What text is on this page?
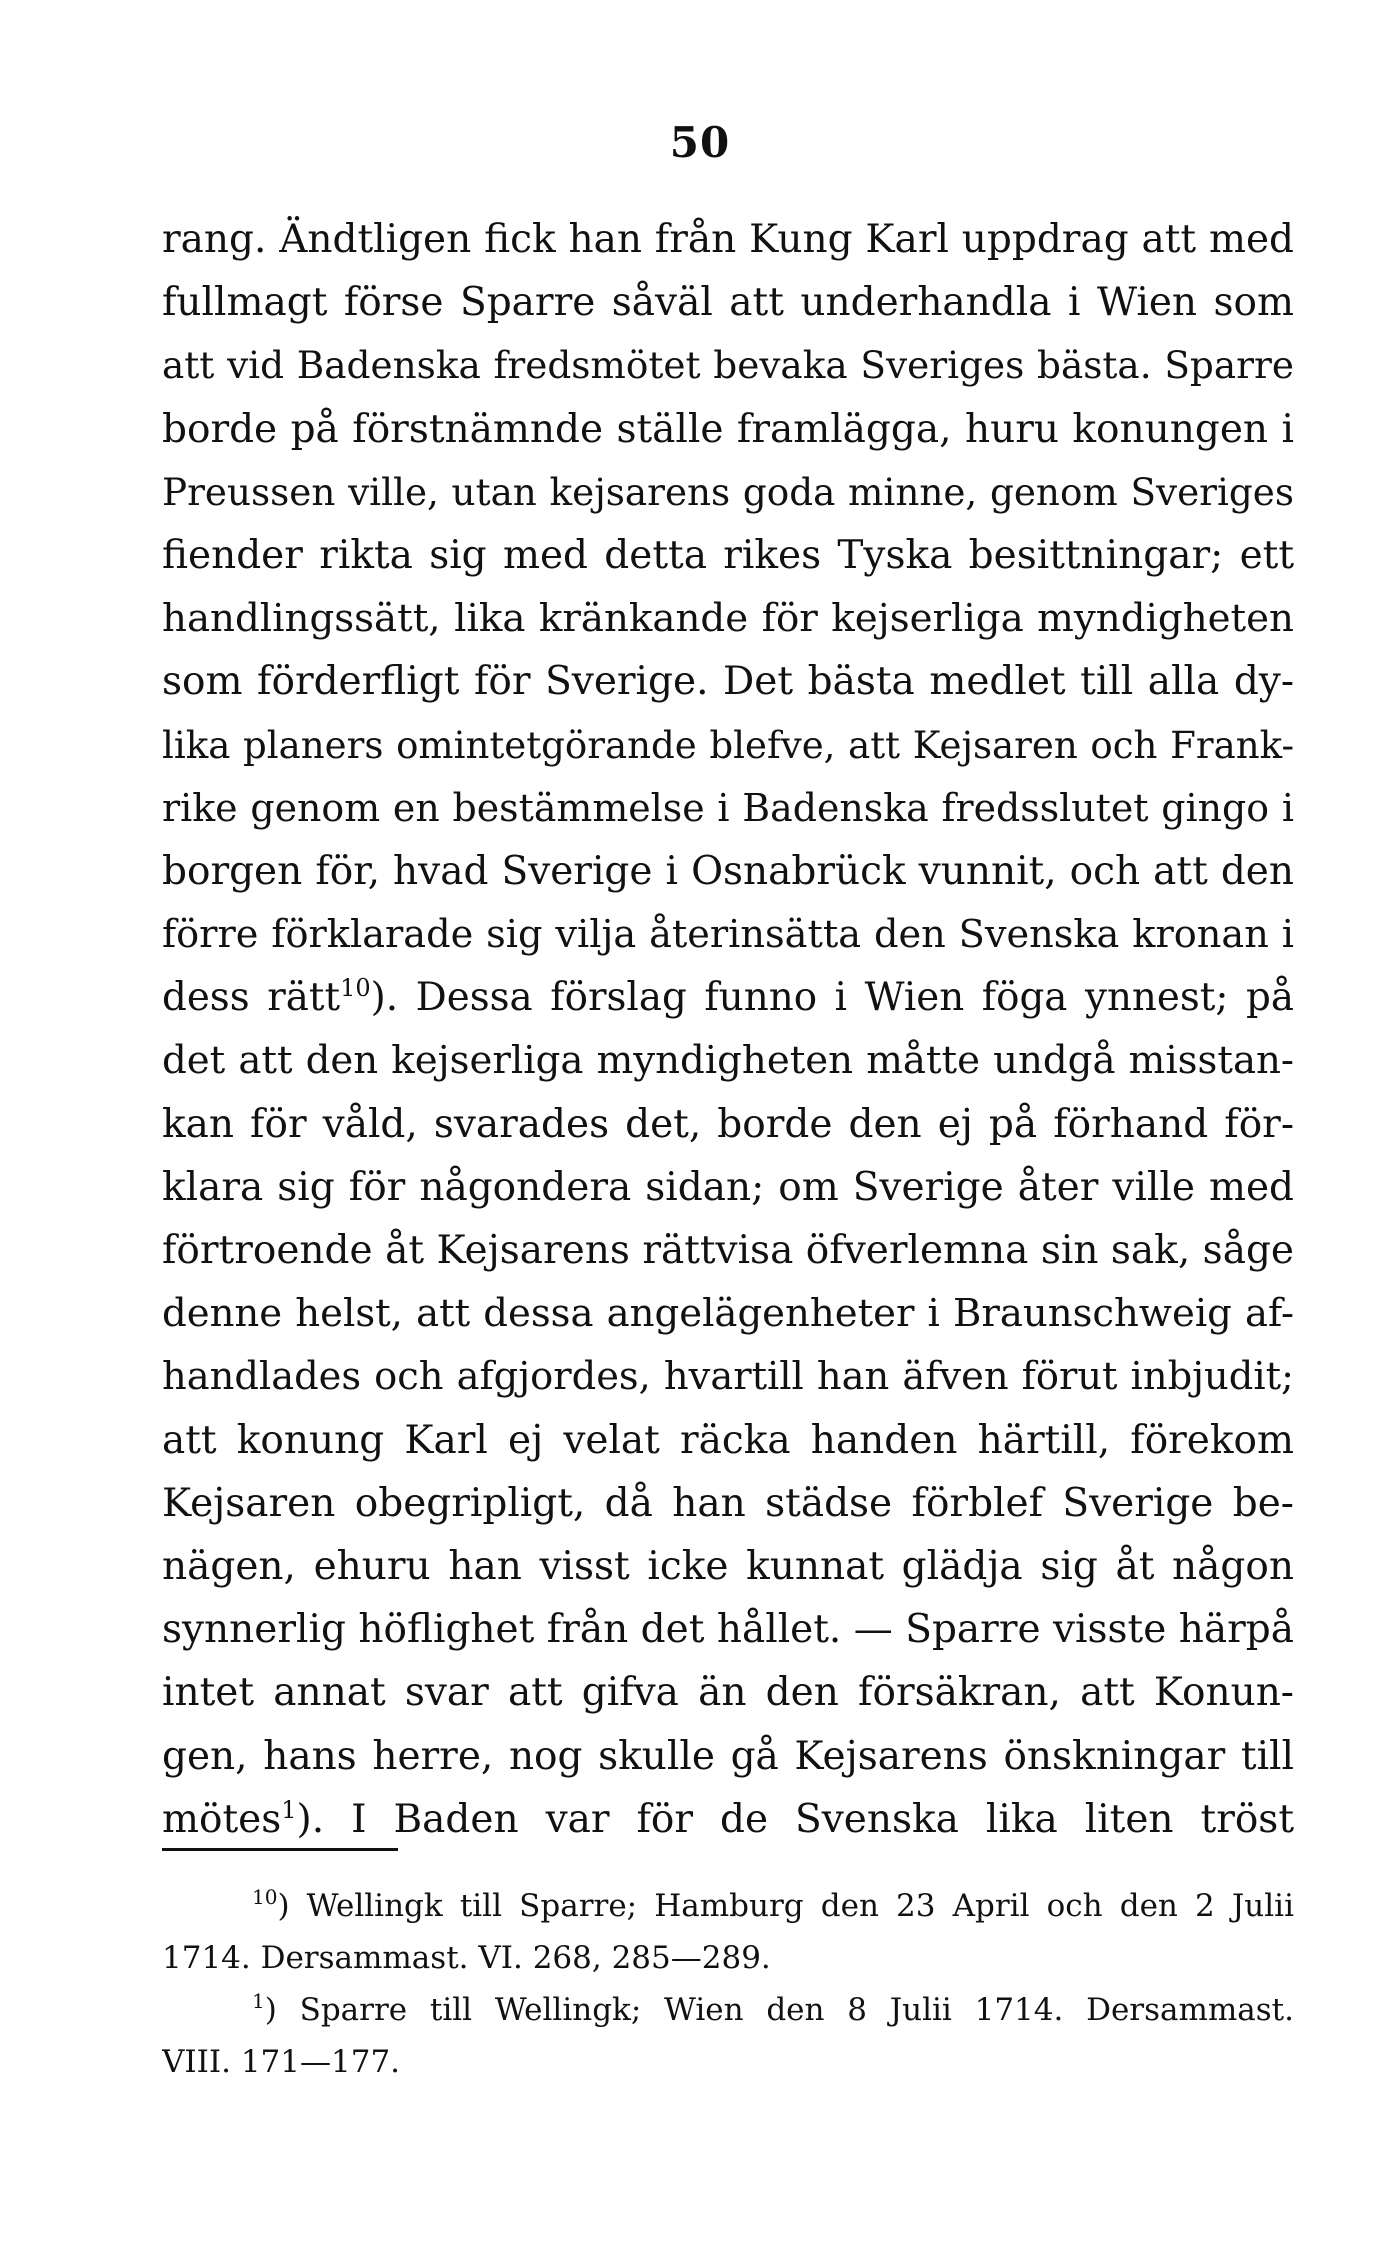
50
rang. Ändtligen fick han från Kung Karl uppdrag att med
fullmagt förse Sparre såväl att underhandla i Wien som
att vid Badenska fredsmötet bevaka Sveriges bästa. Sparre
borde på förstnämnde ställe framlägga, huru konungen i
Preussen ville, utan kejsarens goda minne, genom Sveriges
fiender rikta sig med detta rikes Tyska besittningar; ett
handlingssätt, lika kränkande för kejserliga myndigheten
som förderfligt för Sverige. Det bästa medlet till alla dy-
lika planers omintetgörande blefve, att Kejsaren och Frank-
rike genom en bestämmelse i Badenska fredsslutet gingo i
borgen för, hvad Sverige i Osnabrück vunnit, och att den
förre förklarade sig vilja återinsätta den Svenska kronan i
dess rätt$^{10}$). Dessa förslag funno i Wien föga ynnest; på
det att den kejserliga myndigheten måtte undgå misstan-
kan för våld, svarades det, borde den ej på förhand för-
klara sig för någondera sidan; om Sverige åter ville med
förtroende åt Kejsarens rättvisa öfverlemna sin sak, såge
denne helst, att dessa angelägenheter i Braunschweig af-
handlades och afgjordes, hvartill han äfven förut inbjudit;
att konung Karl ej velat räcka handen härtill, förekom
Kejsaren obegripligt, då han städse förblef Sverige be-
nägen, ehuru han visst icke kunnat glädja sig åt någon
synnerlig höflighet från det hållet. — Sparre visste härpå
intet annat svar att gifva än den försäkran, att Konun-
gen, hans herre, nog skulle gå Kejsarens önskningar till
mötes$^1$). I Baden var för de Svenska lika liten tröst
$^{10}$) Wellingk till Sparre; Hamburg den 23 April och den 2 Julii
1714. Dersammast. VI. 268, 285—289.
$^1$) Sparre till Wellingk; Wien den 8 Julii 1714. Dersammast.
VIII. 171—177.
